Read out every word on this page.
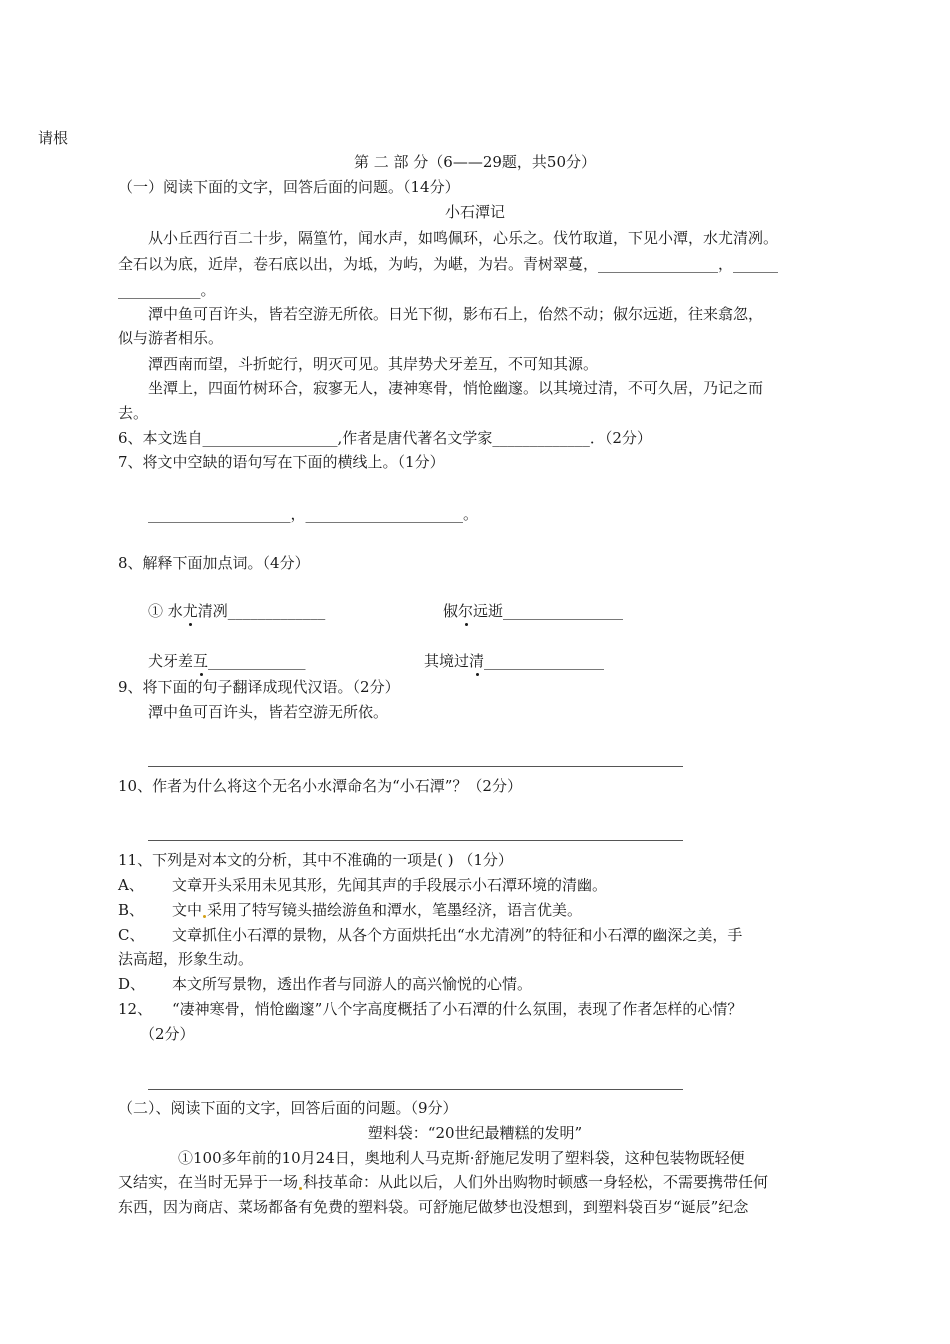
请根
第 二 部 分（6——29题，共50分）
（一）阅读下面的文字，回答后面的问题。（14分）
小石潭记
从小丘西行百二十步，隔篁竹，闻水声，如鸣佩环，心乐之。伐竹取道，下见小潭，水尤清冽。
全石以为底，近岸，卷石底以出，为坻，为屿，为嵁，为岩。青树翠蔓，________________，______
___________。
潭中鱼可百许头，皆若空游无所依。日光下彻，影布石上，佁然不动；俶尔远逝，往来翕忽，
似与游者相乐。
潭西南而望，斗折蛇行，明灭可见。其岸势犬牙差互，不可知其源。
坐潭上，四面竹树环合，寂寥无人，凄神寒骨，悄怆幽邃。以其境过清，不可久居，乃记之而
去。
6、本文选自__________________,作者是唐代著名文学家_____________．（2分）
7、将文中空缺的语句写在下面的横线上。（1分）
___________________，_____________________。
8、解释下面加点词。（4分）
① 水尤清冽_____________	俶尔远逝________________
犬牙差互_____________	其境过清________________
9、将下面的句子翻译成现代汉语。（2分）
潭中鱼可百许头，皆若空游无所依。
10、作者为什么将这个无名小水潭命名为“小石潭”？（2分）
11、下列是对本文的分析，其中不准确的一项是( ) （1分）
A、 文章开头采用未见其形，先闻其声的手段展示小石潭环境的清幽。
B、 文中 采用了特写镜头描绘游鱼和潭水，笔墨经济，语言优美。
C、 文章抓住小石潭的景物，从各个方面烘托出“水尤清冽”的特征和小石潭的幽深之美，手
法高超，形象生动。
D、 本文所写景物，透出作者与同游人的高兴愉悦的心情。
12、 “凄神寒骨，悄怆幽邃”八个字高度概括了小石潭的什么氛围，表现了作者怎样的心情？
（2分）
（二）、阅读下面的文字，回答后面的问题。（9分）
塑料袋：“20世纪最糟糕的发明”
①100多年前的10月24日，奥地利人马克斯·舒施尼发明了塑料袋，这种包装物既轻便
又结实，在当时无异于一场 科技革命：从此以后，人们外出购物时顿感一身轻松，不需要携带任何
东西，因为商店、菜场都备有免费的塑料袋。可舒施尼做梦也没想到，到塑料袋百岁“诞辰”纪念
